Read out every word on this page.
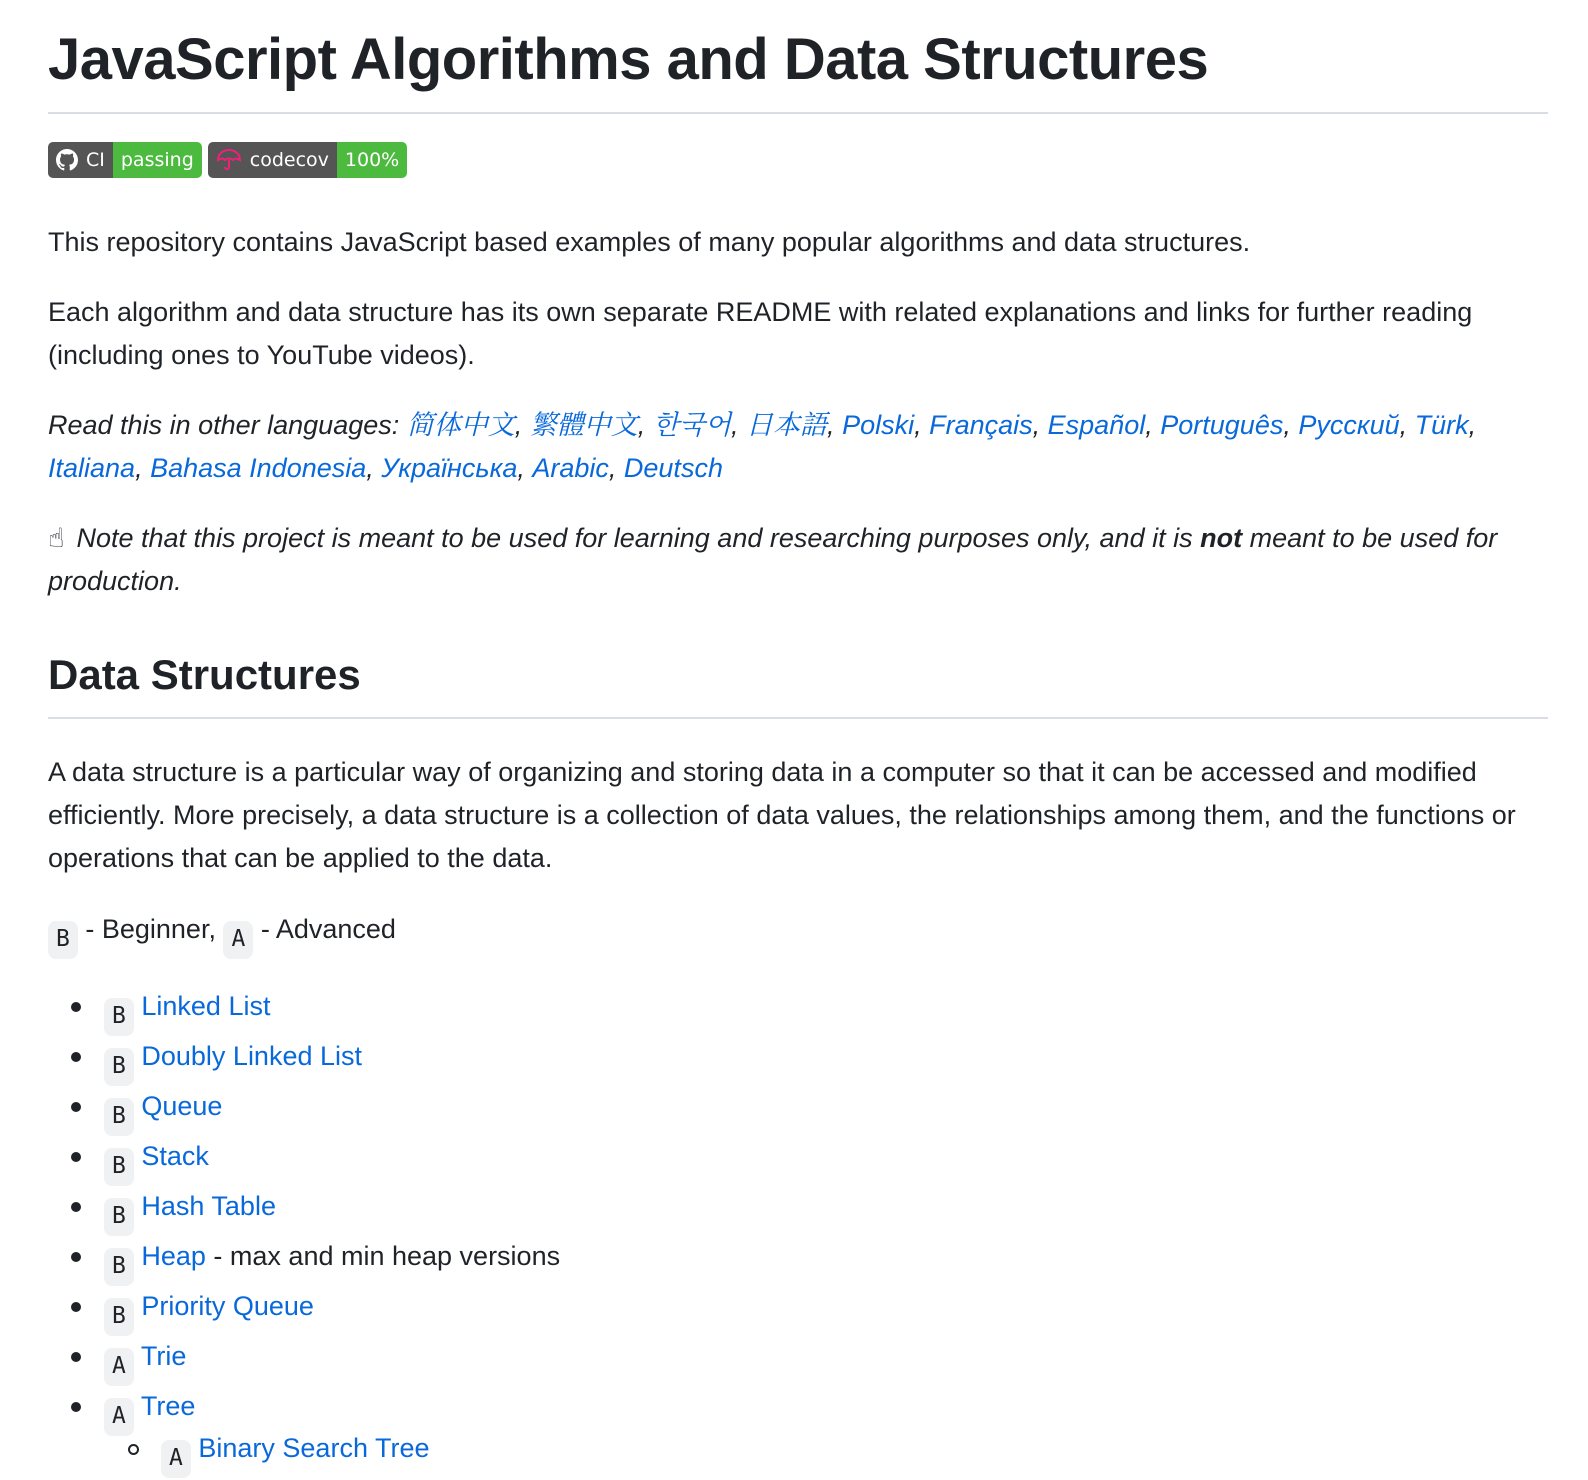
JavaScript Algorithms and Data Structures
CI passing	codecov 100%

This repository contains JavaScript based examples of many popular algorithms and data structures.

Each algorithm and data structure has its own separate README with related explanations and links for further reading (including ones to YouTube videos).

Read this in other languages: 简体中文, 繁體中文, 한국어, 日本語, Polski, Français, Español, Português, Русский, Türk, Italiana, Bahasa Indonesia, Українська, Arabic, Deutsch

☝ Note that this project is meant to be used for learning and researching purposes only, and it is not meant to be used for production.

Data Structures

A data structure is a particular way of organizing and storing data in a computer so that it can be accessed and modified efficiently. More precisely, a data structure is a collection of data values, the relationships among them, and the functions or operations that can be applied to the data.

B - Beginner, A - Advanced

B Linked List
B Doubly Linked List
B Queue
B Stack
B Hash Table
B Heap - max and min heap versions
B Priority Queue
A Trie
A Tree
A Binary Search Tree
